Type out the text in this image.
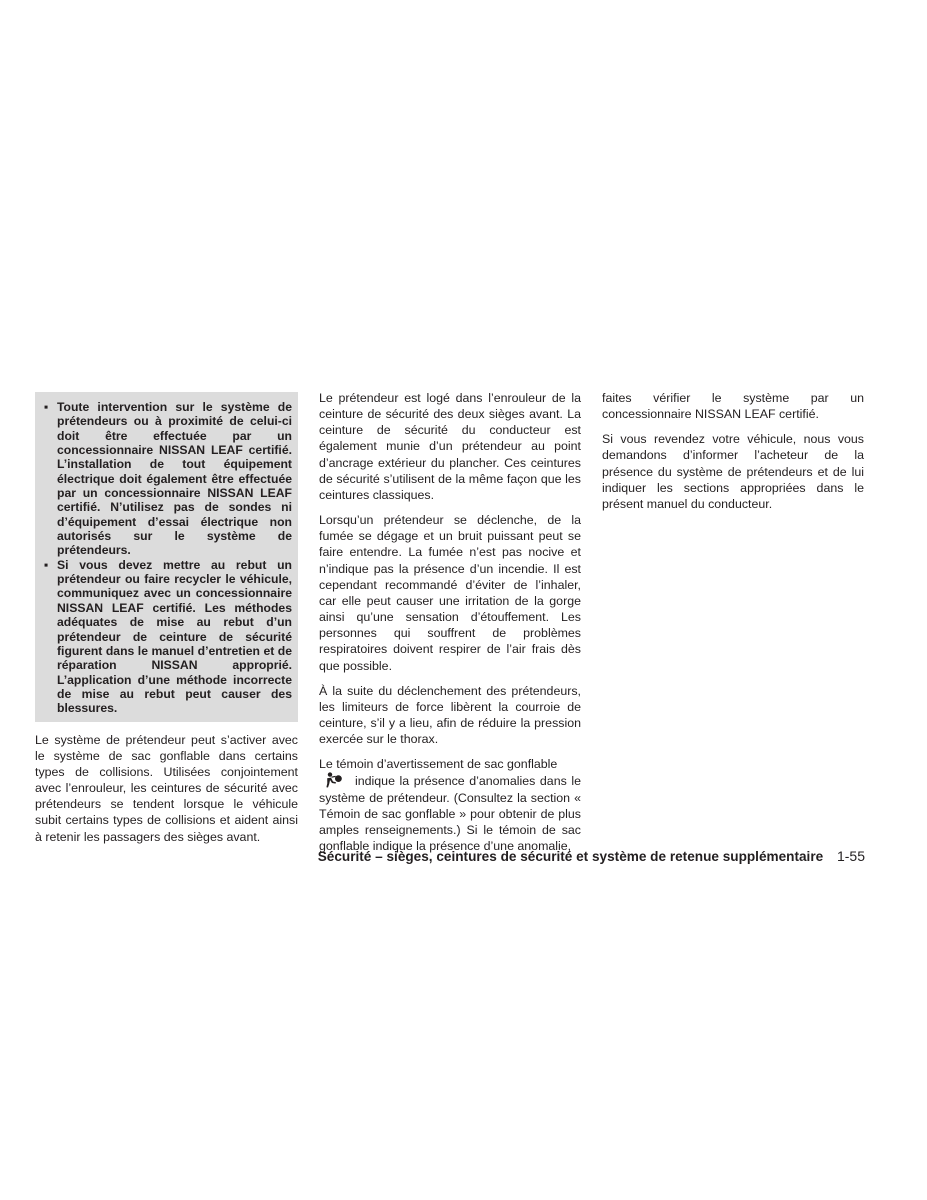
▪ Toute intervention sur le système de prétendeurs ou à proximité de celui-ci doit être effectuée par un concessionnaire NISSAN LEAF certifié. L’installation de tout équipement électrique doit également être effectuée par un concessionnaire NISSAN LEAF certifié. N’utilisez pas de sondes ni d’équipement d’essai électrique non autorisés sur le système de prétendeurs.
▪ Si vous devez mettre au rebut un prétendeur ou faire recycler le véhicule, communiquez avec un concessionnaire NISSAN LEAF certifié. Les méthodes adéquates de mise au rebut d’un prétendeur de ceinture de sécurité figurent dans le manuel d’entretien et de réparation NISSAN approprié. L’application d’une méthode incorrecte de mise au rebut peut causer des blessures.

Le système de prétendeur peut s’activer avec le système de sac gonflable dans certains types de collisions. Utilisées conjointement avec l’enrouleur, les ceintures de sécurité avec prétendeurs se tendent lorsque le véhicule subit certains types de collisions et aident ainsi à retenir les passagers des sièges avant.

Le prétendeur est logé dans l’enrouleur de la ceinture de sécurité des deux sièges avant. La ceinture de sécurité du conducteur est également munie d’un prétendeur au point d’ancrage extérieur du plancher. Ces ceintures de sécurité s’utilisent de la même façon que les ceintures classiques.

Lorsqu’un prétendeur se déclenche, de la fumée se dégage et un bruit puissant peut se faire entendre. La fumée n’est pas nocive et n’indique pas la présence d’un incendie. Il est cependant recommandé d’éviter de l’inhaler, car elle peut causer une irritation de la gorge ainsi qu’une sensation d’étouffement. Les personnes qui souffrent de problèmes respiratoires doivent respirer de l’air frais dès que possible.

À la suite du déclenchement des prétendeurs, les limiteurs de force libèrent la courroie de ceinture, s’il y a lieu, afin de réduire la pression exercée sur le thorax.

Le témoin d’avertissement de sac gonflable
indique la présence d’anomalies dans le système de prétendeur. (Consultez la section « Témoin de sac gonflable » pour obtenir de plus amples renseignements.) Si le témoin de sac gonflable indique la présence d’une anomalie,

faites vérifier le système par un concessionnaire NISSAN LEAF certifié.

Si vous revendez votre véhicule, nous vous demandons d’informer l’acheteur de la présence du système de prétendeurs et de lui indiquer les sections appropriées dans le présent manuel du conducteur.

Sécurité – sièges, ceintures de sécurité et système de retenue supplémentaire 1-55
